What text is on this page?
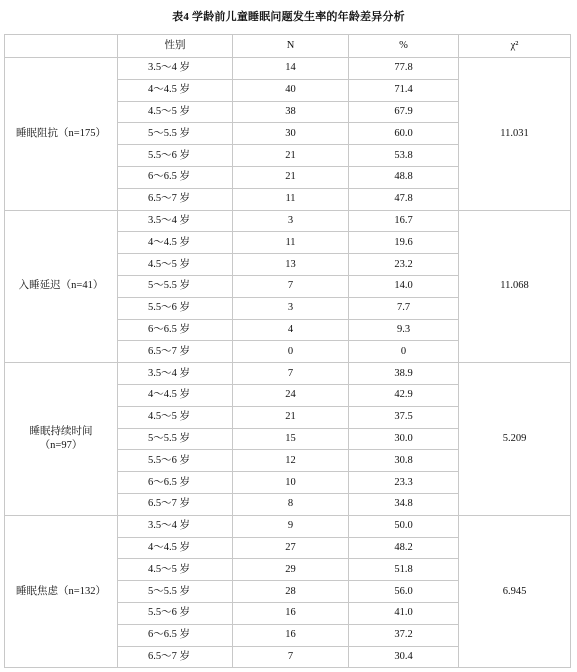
表4 学龄前儿童睡眠问题发生率的年龄差异分析
	性别	N	%	χ²

睡眠阻抗（n=175）	3.5～4 岁	14	77.8	11.031
	4～4.5 岁	40	71.4	
	4.5～5 岁	38	67.9	
	5～5.5 岁	30	60.0	
	5.5～6 岁	21	53.8	
	6～6.5 岁	21	48.8	
	6.5～7 岁	11	47.8	

入睡延迟（n=41）	3.5～4 岁	3	16.7	11.068
	4～4.5 岁	11	19.6	
	4.5～5 岁	13	23.2	
	5～5.5 岁	7	14.0	
	5.5～6 岁	3	7.7	
	6～6.5 岁	4	9.3	
	6.5～7 岁	0	0	

睡眠持续时间
（n=97）	3.5～4 岁	7	38.9	5.209
	4～4.5 岁	24	42.9	
	4.5～5 岁	21	37.5	
	5～5.5 岁	15	30.0	
	5.5～6 岁	12	30.8	
	6～6.5 岁	10	23.3	
	6.5～7 岁	8	34.8	

睡眠焦虑（n=132）	3.5～4 岁	9	50.0	6.945
	4～4.5 岁	27	48.2	
	4.5～5 岁	29	51.8	
	5～5.5 岁	28	56.0	
	5.5～6 岁	16	41.0	
	6～6.5 岁	16	37.2	
	6.5～7 岁	7	30.4	
